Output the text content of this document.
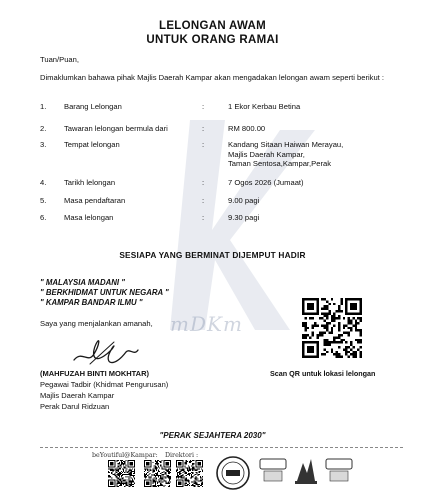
mDKm
LELONGAN AWAM
UNTUK ORANG RAMAI
Tuan/Puan,
Dimaklumkan bahawa pihak Majlis Daerah Kampar akan mengadakan lelongan awam seperti berikut :
1. Barang Lelongan	:	1 Ekor Kerbau Betina
2. Tawaran lelongan bermula dari	:	RM 800.00
3. Tempat lelongan	:	Kandang Sitaan Haiwan Merayau,
Majlis Daerah Kampar,
Taman Sentosa,Kampar,Perak
4. Tarikh lelongan	:	7 Ogos 2026 (Jumaat)
5. Masa pendaftaran	:	9.00 pagi
6. Masa lelongan	:	9.30 pagi
SESIAPA YANG BERMINAT DIJEMPUT HADIR
" MALAYSIA MADANI "
" BERKHIDMAT UNTUK NEGARA "
" KAMPAR BANDAR ILMU "
Saya yang menjalankan amanah,
(MAHFUZAH BINTI MOKHTAR)
Pegawai Tadbir (Khidmat Pengurusan)
Majlis Daerah Kampar
Perak Darul Ridzuan
Scan QR untuk lokasi lelongan
"PERAK SEJAHTERA 2030"
beYoutiful@Kampar: Direktori :
